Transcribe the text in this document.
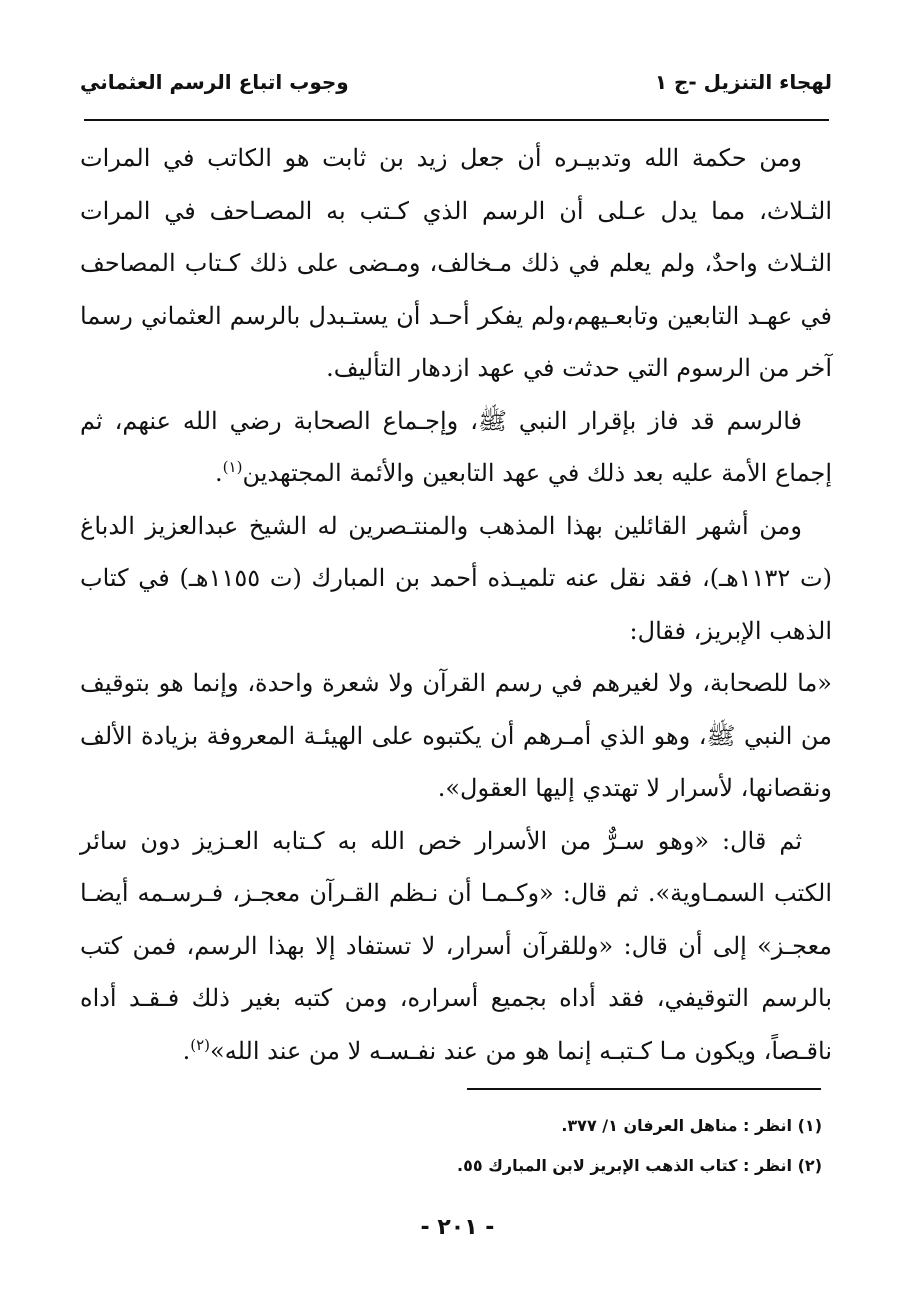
لهجاء التنزيل -ج ١
وجوب اتباع الرسم العثماني

ومن حكمة الله وتدبيـره أن جعل زيد بن ثابت هو الكاتب في المرات الثـلاث، مما يدل عـلى أن الرسم الذي كـتب به المصـاحف في المرات الثـلاث واحدٌ، ولم يعلم في ذلك مـخالف، ومـضى على ذلك كـتاب المصاحف في عهـد التابعين وتابعـيهم،ولم يفكر أحـد أن يستـبدل بالرسم العثماني رسما آخر من الرسوم التي حدثت في عهد ازدهار التأليف.

فالرسم قد فاز بإقرار النبي ﷺ، وإجـماع الصحابة رضي الله عنهم، ثم إجماع الأمة عليه بعد ذلك في عهد التابعين والأئمة المجتهدين$^{(١)}$.

ومن أشهر القائلين بهذا المذهب والمنتـصرين له الشيخ عبدالعزيز الدباغ (ت ١١٣٢هـ)، فقد نقل عنه تلميـذه أحمد بن المبارك (ت ١١٥٥هـ) في كتاب الذهب الإبريز، فقال:

«ما للصحابة، ولا لغيرهم في رسم القرآن ولا شعرة واحدة، وإنما هو بتوقيف من النبي ﷺ، وهو الذي أمـرهم أن يكتبوه على الهيئـة المعروفة بزيادة الألف ونقصانها، لأسرار لا تهتدي إليها العقول».

ثم قال: «وهو سـرٌّ من الأسرار خص الله به كـتابه العـزيز دون سائر الكتب السمـاوية». ثم قال: «وكـمـا أن نـظم القـرآن معجـز، فـرسـمه أيضـا معجـز» إلى أن قال: «وللقرآن أسرار، لا تستفاد إلا بهذا الرسم، فمن كتب بالرسم التوقيفي، فقد أداه بجميع أسراره، ومن كتبه بغير ذلك فـقـد أداه ناقـصاً، ويكون مـا كـتبـه إنما هو من عند نفـسـه لا من عند الله»$^{(٢)}$.

(١) انظر : مناهل العرفان ١/ ٣٧٧.

(٢) انظر : كتاب الذهب الإبريز لابن المبارك ٥٥.

- ٢٠١ -
